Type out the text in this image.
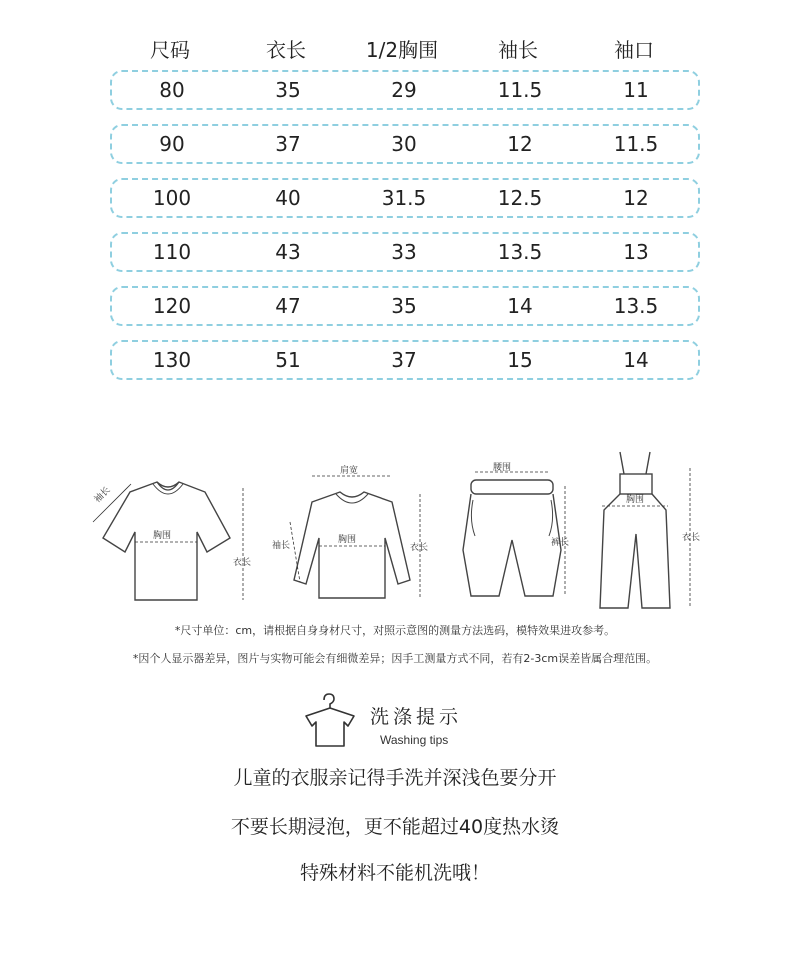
尺码	衣长	1/2胸围	袖长	袖口
80	35	29	11.5	11
90	37	30	12	11.5
100	40	31.5	12.5	12
110	43	33	13.5	13
120	47	35	14	13.5
130	51	37	15	14
袖长
胸围
衣长
肩宽
袖长
胸围
衣长
腰围
裤长
胸围
衣长
*尺寸单位：cm，请根据自身身材尺寸，对照示意图的测量方法选码，模特效果进攻参考。
*因个人显示器差异，图片与实物可能会有细微差异；因手工测量方式不同，若有2-3cm误差皆属合理范围。
洗涤提示
Washing tips
儿童的衣服亲记得手洗并深浅色要分开
不要长期浸泡，更不能超过40度热水烫
特殊材料不能机洗哦！
